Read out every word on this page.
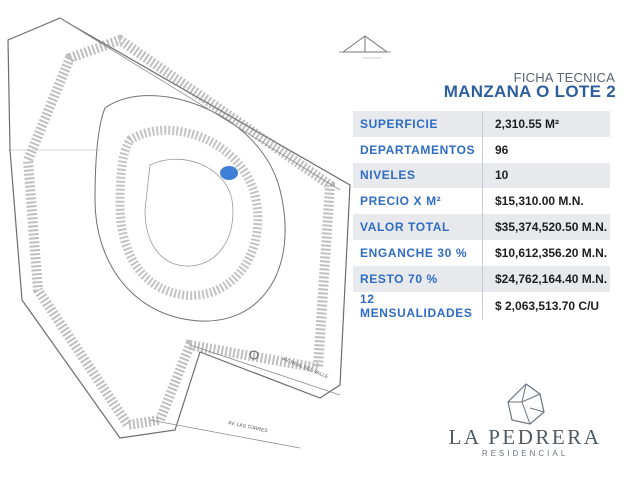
AV. REAL DEL VALLE
AV. LAS TORRES
FICHA TECNICA
MANZANA O LOTE 2
SUPERFICIE	2,310.55 M²
DEPARTAMENTOS	96
NIVELES	10
PRECIO X M²	$15,310.00 M.N.
VALOR TOTAL	$35,374,520.50 M.N.
ENGANCHE 30 %	$10,612,356.20 M.N.
RESTO 70 %	$24,762,164.40 M.N.
12 MENSUALIDADES	$ 2,063,513.70 C/U
LA PEDRERA
RESIDENCIAL
